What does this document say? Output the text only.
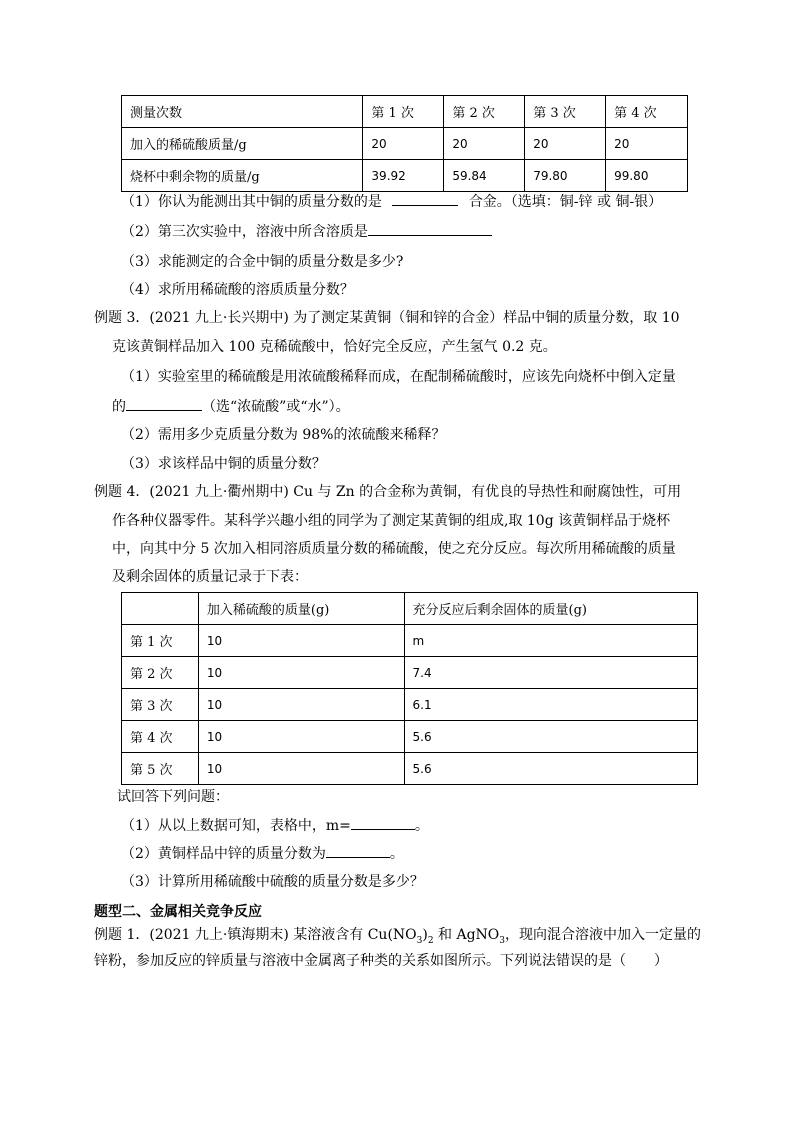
测量次数	第 1 次	第 2 次	第 3 次	第 4 次
加入的稀硫酸质量/g	20	20	20	20
烧杯中剩余物的质量/g	39.92	59.84	79.80	99.80
（1）你认为能测出其中铜的质量分数的是	合金。（选填：铜-锌 或 铜-银）
（2）第三次实验中，溶液中所含溶质是
（3）求能测定的合金中铜的质量分数是多少?
（4）求所用稀硫酸的溶质质量分数？
例题 3．(2021 九上·长兴期中) 为了测定某黄铜（铜和锌的合金）样品中铜的质量分数，取 10
克该黄铜样品加入 100 克稀硫酸中，恰好完全反应，产生氢气 0.2 克。
（1）实验室里的稀硫酸是用浓硫酸稀释而成，在配制稀硫酸时，应该先向烧杯中倒入定量
的	（选“浓硫酸”或“水”）。
（2）需用多少克质量分数为 98%的浓硫酸来稀释？
（3）求该样品中铜的质量分数？
例题 4．(2021 九上·衢州期中) Cu 与 Zn 的合金称为黄铜，有优良的导热性和耐腐蚀性，可用
作各种仪器零件。某科学兴趣小组的同学为了测定某黄铜的组成,取 10g 该黄铜样品于烧杯
中，向其中分 5 次加入相同溶质质量分数的稀硫酸，使之充分反应。每次所用稀硫酸的质量
及剩余固体的质量记录于下表：
	加入稀硫酸的质量(g)	充分反应后剩余固体的质量(g)
第 1 次	10	m
第 2 次	10	7.4
第 3 次	10	6.1
第 4 次	10	5.6
第 5 次	10	5.6
试回答下列问题：
（1）从以上数据可知，表格中，m=	。
（2）黄铜样品中锌的质量分数为	。
（3）计算所用稀硫酸中硫酸的质量分数是多少？
题型二、金属相关竞争反应
例题 1．(2021 九上·镇海期末) 某溶液含有 $Cu(NO_3)_2$ 和 AgNO$_3$，现向混合溶液中加入一定量的
锌粉，参加反应的锌质量与溶液中金属离子种类的关系如图所示。下列说法错误的是（　　）
